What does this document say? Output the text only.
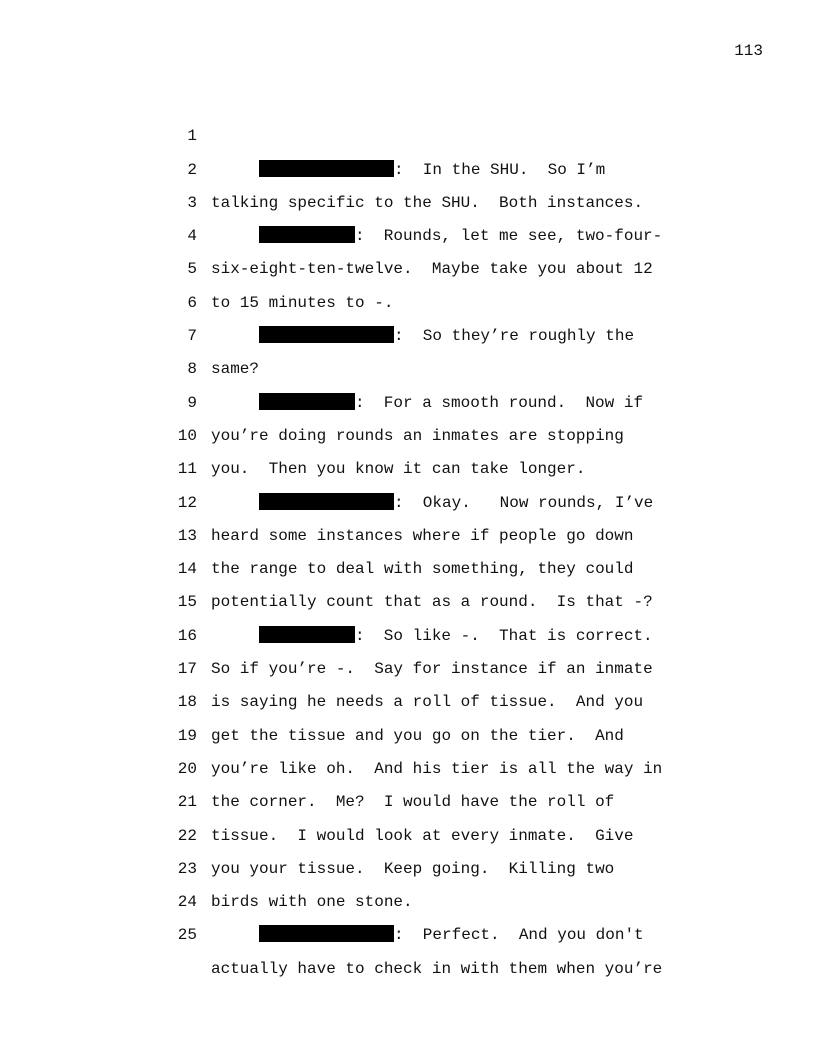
113

1

:  In the SHU.  So I’m

2

talking specific to the SHU.  Both instances.

3

:  Rounds, let me see, two-four-

4

six-eight-ten-twelve.  Maybe take you about 12

5

to 15 minutes to -.

6

:  So they’re roughly the

7

same?

8

:  For a smooth round.  Now if

9

you’re doing rounds an inmates are stopping

10

you.  Then you know it can take longer.

11

:  Okay.   Now rounds, I’ve

12

heard some instances where if people go down

13

the range to deal with something, they could

14

potentially count that as a round.  Is that -?

15

:  So like -.  That is correct.

16

So if you’re -.  Say for instance if an inmate

17

is saying he needs a roll of tissue.  And you

18

get the tissue and you go on the tier.  And

19

you’re like oh.  And his tier is all the way in

20

the corner.  Me?  I would have the roll of

21

tissue.  I would look at every inmate.  Give

22

you your tissue.  Keep going.  Killing two

23

birds with one stone.

24

:  Perfect.  And you don't

25

actually have to check in with them when you’re
